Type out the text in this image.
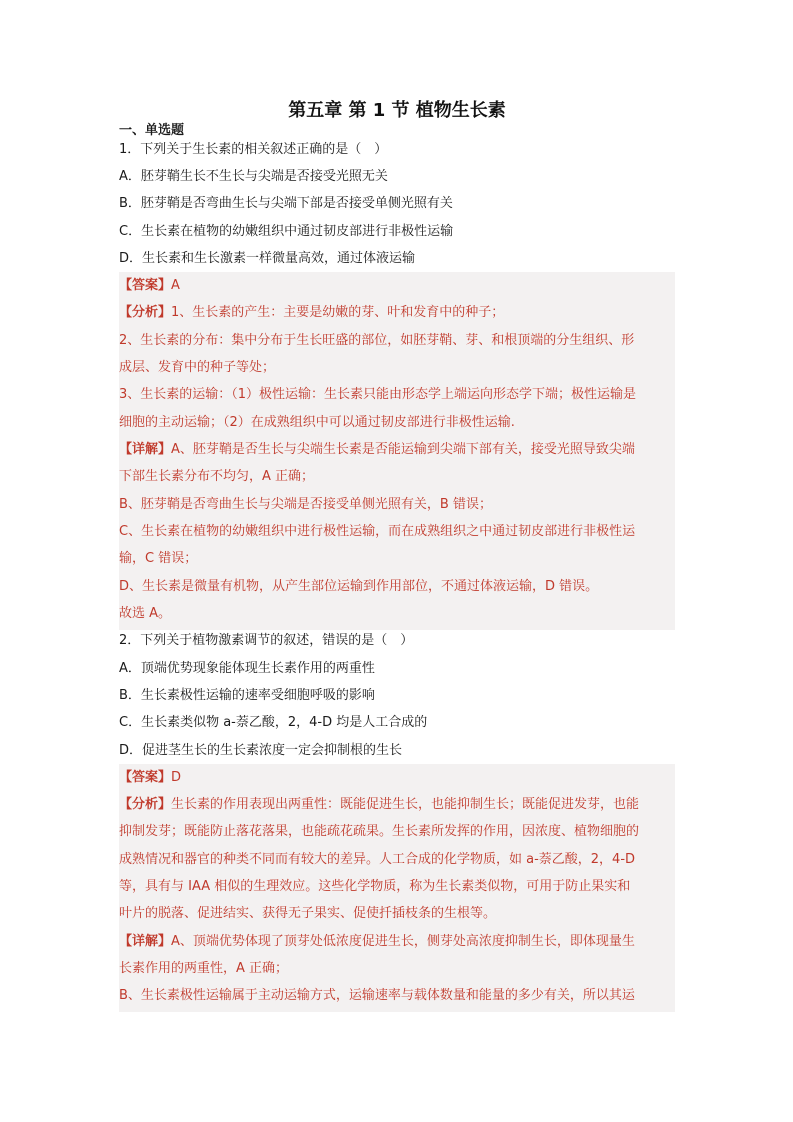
第五章 第 1 节 植物生长素
一、单选题
1．下列关于生长素的相关叙述正确的是（　）
A．胚芽鞘生长不生长与尖端是否接受光照无关
B．胚芽鞘是否弯曲生长与尖端下部是否接受单侧光照有关
C．生长素在植物的幼嫩组织中通过韧皮部进行非极性运输
D．生长素和生长激素一样微量高效，通过体液运输
【答案】A
【分析】1、生长素的产生：主要是幼嫩的芽、叶和发育中的种子；
2、生长素的分布：集中分布于生长旺盛的部位，如胚芽鞘、芽、和根顶端的分生组织、形
成层、发育中的种子等处；
3、生长素的运输：（1）极性运输：生长素只能由形态学上端运向形态学下端；极性运输是
细胞的主动运输；（2）在成熟组织中可以通过韧皮部进行非极性运输.
【详解】A、胚芽鞘是否生长与尖端生长素是否能运输到尖端下部有关，接受光照导致尖端
下部生长素分布不均匀，A 正确；
B、胚芽鞘是否弯曲生长与尖端是否接受单侧光照有关，B 错误；
C、生长素在植物的幼嫩组织中进行极性运输，而在成熟组织之中通过韧皮部进行非极性运
输，C 错误；
D、生长素是微量有机物，从产生部位运输到作用部位，不通过体液运输，D 错误。
故选 A。
2．下列关于植物激素调节的叙述，错误的是（　）
A．顶端优势现象能体现生长素作用的两重性
B．生长素极性运输的速率受细胞呼吸的影响
C．生长素类似物 a-萘乙酸，2，4-D 均是人工合成的
D．促进茎生长的生长素浓度一定会抑制根的生长
【答案】D
【分析】生长素的作用表现出两重性：既能促进生长，也能抑制生长；既能促进发芽，也能
抑制发芽；既能防止落花落果，也能疏花疏果。生长素所发挥的作用，因浓度、植物细胞的
成熟情况和器官的种类不同而有较大的差异。人工合成的化学物质，如 a-萘乙酸，2，4-D
等，具有与 IAA 相似的生理效应。这些化学物质，称为生长素类似物，可用于防止果实和
叶片的脱落、促进结实、获得无子果实、促使扦插枝条的生根等。
【详解】A、顶端优势体现了顶芽处低浓度促进生长，侧芽处高浓度抑制生长，即体现量生
长素作用的两重性，A 正确；
B、生长素极性运输属于主动运输方式，运输速率与载体数量和能量的多少有关，所以其运
